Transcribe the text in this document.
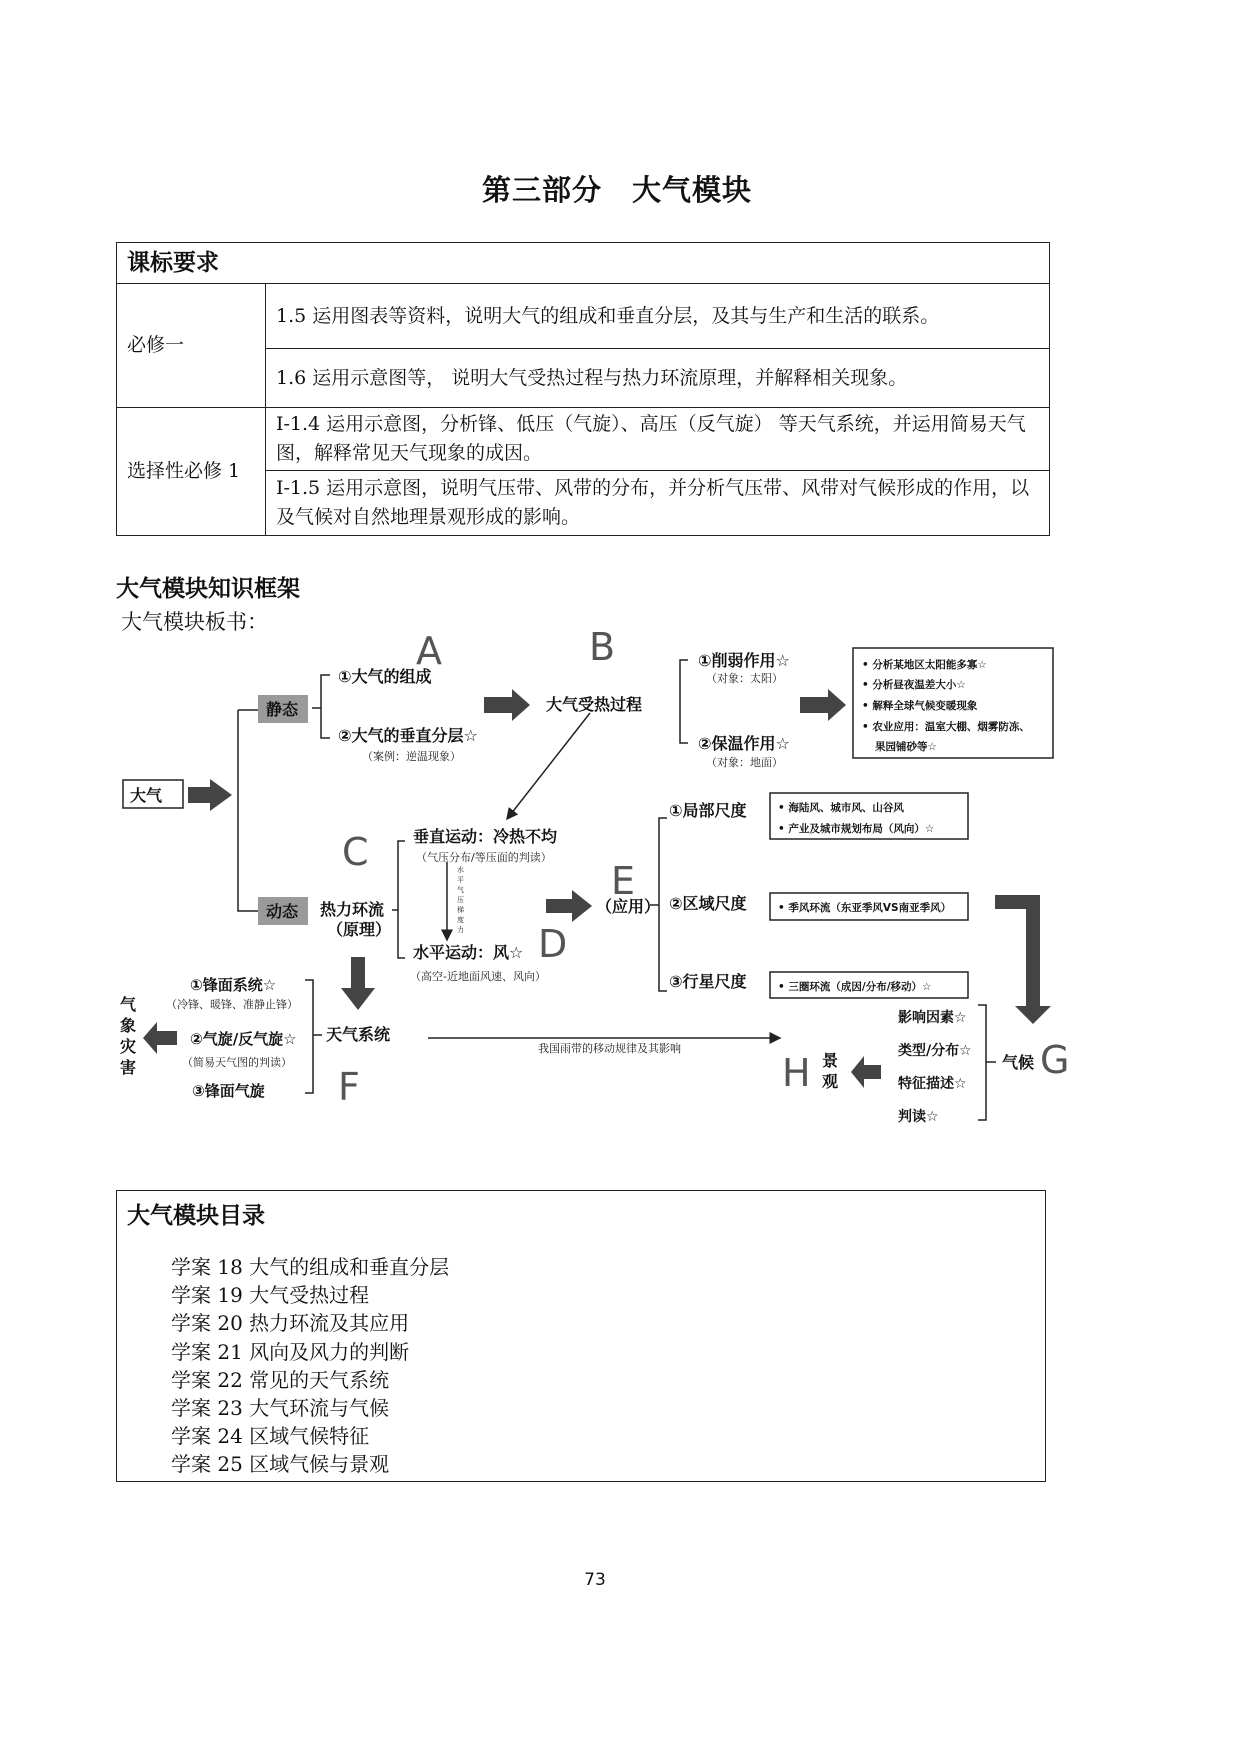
第三部分 大气模块
课标要求	
必修一	1.5 运用图表等资料，说明大气的组成和垂直分层，及其与生产和生活的联系。
	1.6 运用示意图等， 说明大气受热过程与热力环流原理，并解释相关现象。
选择性必修 1	I-1.4 运用示意图，分析锋、低压（气旋）、高压（反气旋） 等天气系统，并运用简易天气图，解释常见天气现象的成因。
	I-1.5 运用示意图，说明气压带、风带的分布，并分析气压带、风带对气候形成的作用，以及气候对自然地理景观形成的影响。
大气模块知识框架
大气模块板书：
A	B
C
D
E
F
G
H
大气
静态
动态
①大气的组成
②大气的垂直分层☆
大气受热过程
①削弱作用☆
②保温作用☆
热力环流
（原理）
垂直运动：冷热不均
水平运动：风☆
（应用）
①局部尺度
②区域尺度
③行星尺度
天气系统
①锋面系统☆
②气旋/反气旋☆
③锋面气旋
气候
（案例：逆温现象）
（对象：太阳）
（对象：地面）
（气压分布/等压面的判读）
（高空-近地面风速、风向）
（冷锋、暖锋、准静止锋）
（简易天气图的判读）
我国雨带的移动规律及其影响
• 分析某地区太阳能多寡☆
• 分析昼夜温差大小☆
• 解释全球气候变暖现象
• 农业应用：温室大棚、烟雾防冻、
果园铺砂等☆
• 海陆风、城市风、山谷风
• 产业及城市规划布局（风向）☆
• 季风环流（东亚季风VS南亚季风）
• 三圈环流（成因/分布/移动）☆
水
平
气
压
梯
度
力
气
象
灾
害	景
观
影响因素☆
类型/分布☆
特征描述☆
判读☆
大气模块目录
学案 18 大气的组成和垂直分层
学案 19 大气受热过程
学案 20 热力环流及其应用
学案 21 风向及风力的判断
学案 22 常见的天气系统
学案 23 大气环流与气候
学案 24 区域气候特征
学案 25 区域气候与景观
73
